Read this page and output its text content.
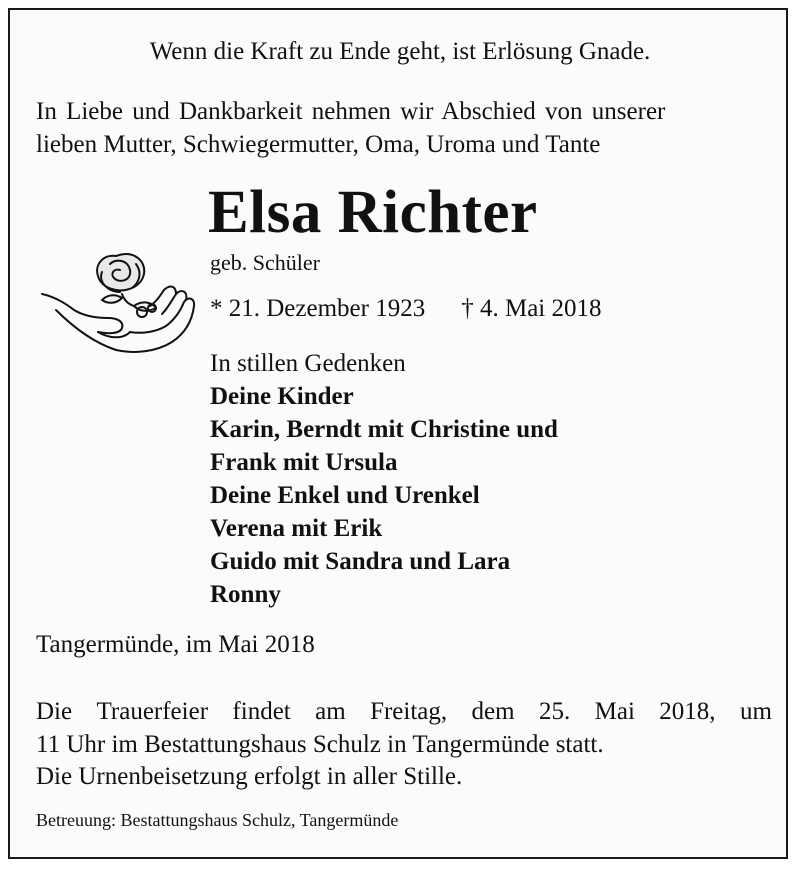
Wenn die Kraft zu Ende geht, ist Erlösung Gnade.
In Liebe und Dankbarkeit nehmen wir Abschied von unserer
lieben Mutter, Schwiegermutter, Oma, Uroma und Tante
Elsa Richter
geb. Schüler
* 21. Dezember 1923 † 4. Mai 2018
In stillen Gedenken
Deine Kinder
Karin, Berndt mit Christine und
Frank mit Ursula
Deine Enkel und Urenkel
Verena mit Erik
Guido mit Sandra und Lara
Ronny
Tangermünde, im Mai 2018
Die Trauerfeier findet am Freitag, dem 25. Mai 2018, um
11 Uhr im Bestattungshaus Schulz in Tangermünde statt.
Die Urnenbeisetzung erfolgt in aller Stille.
Betreuung: Bestattungshaus Schulz, Tangermünde
